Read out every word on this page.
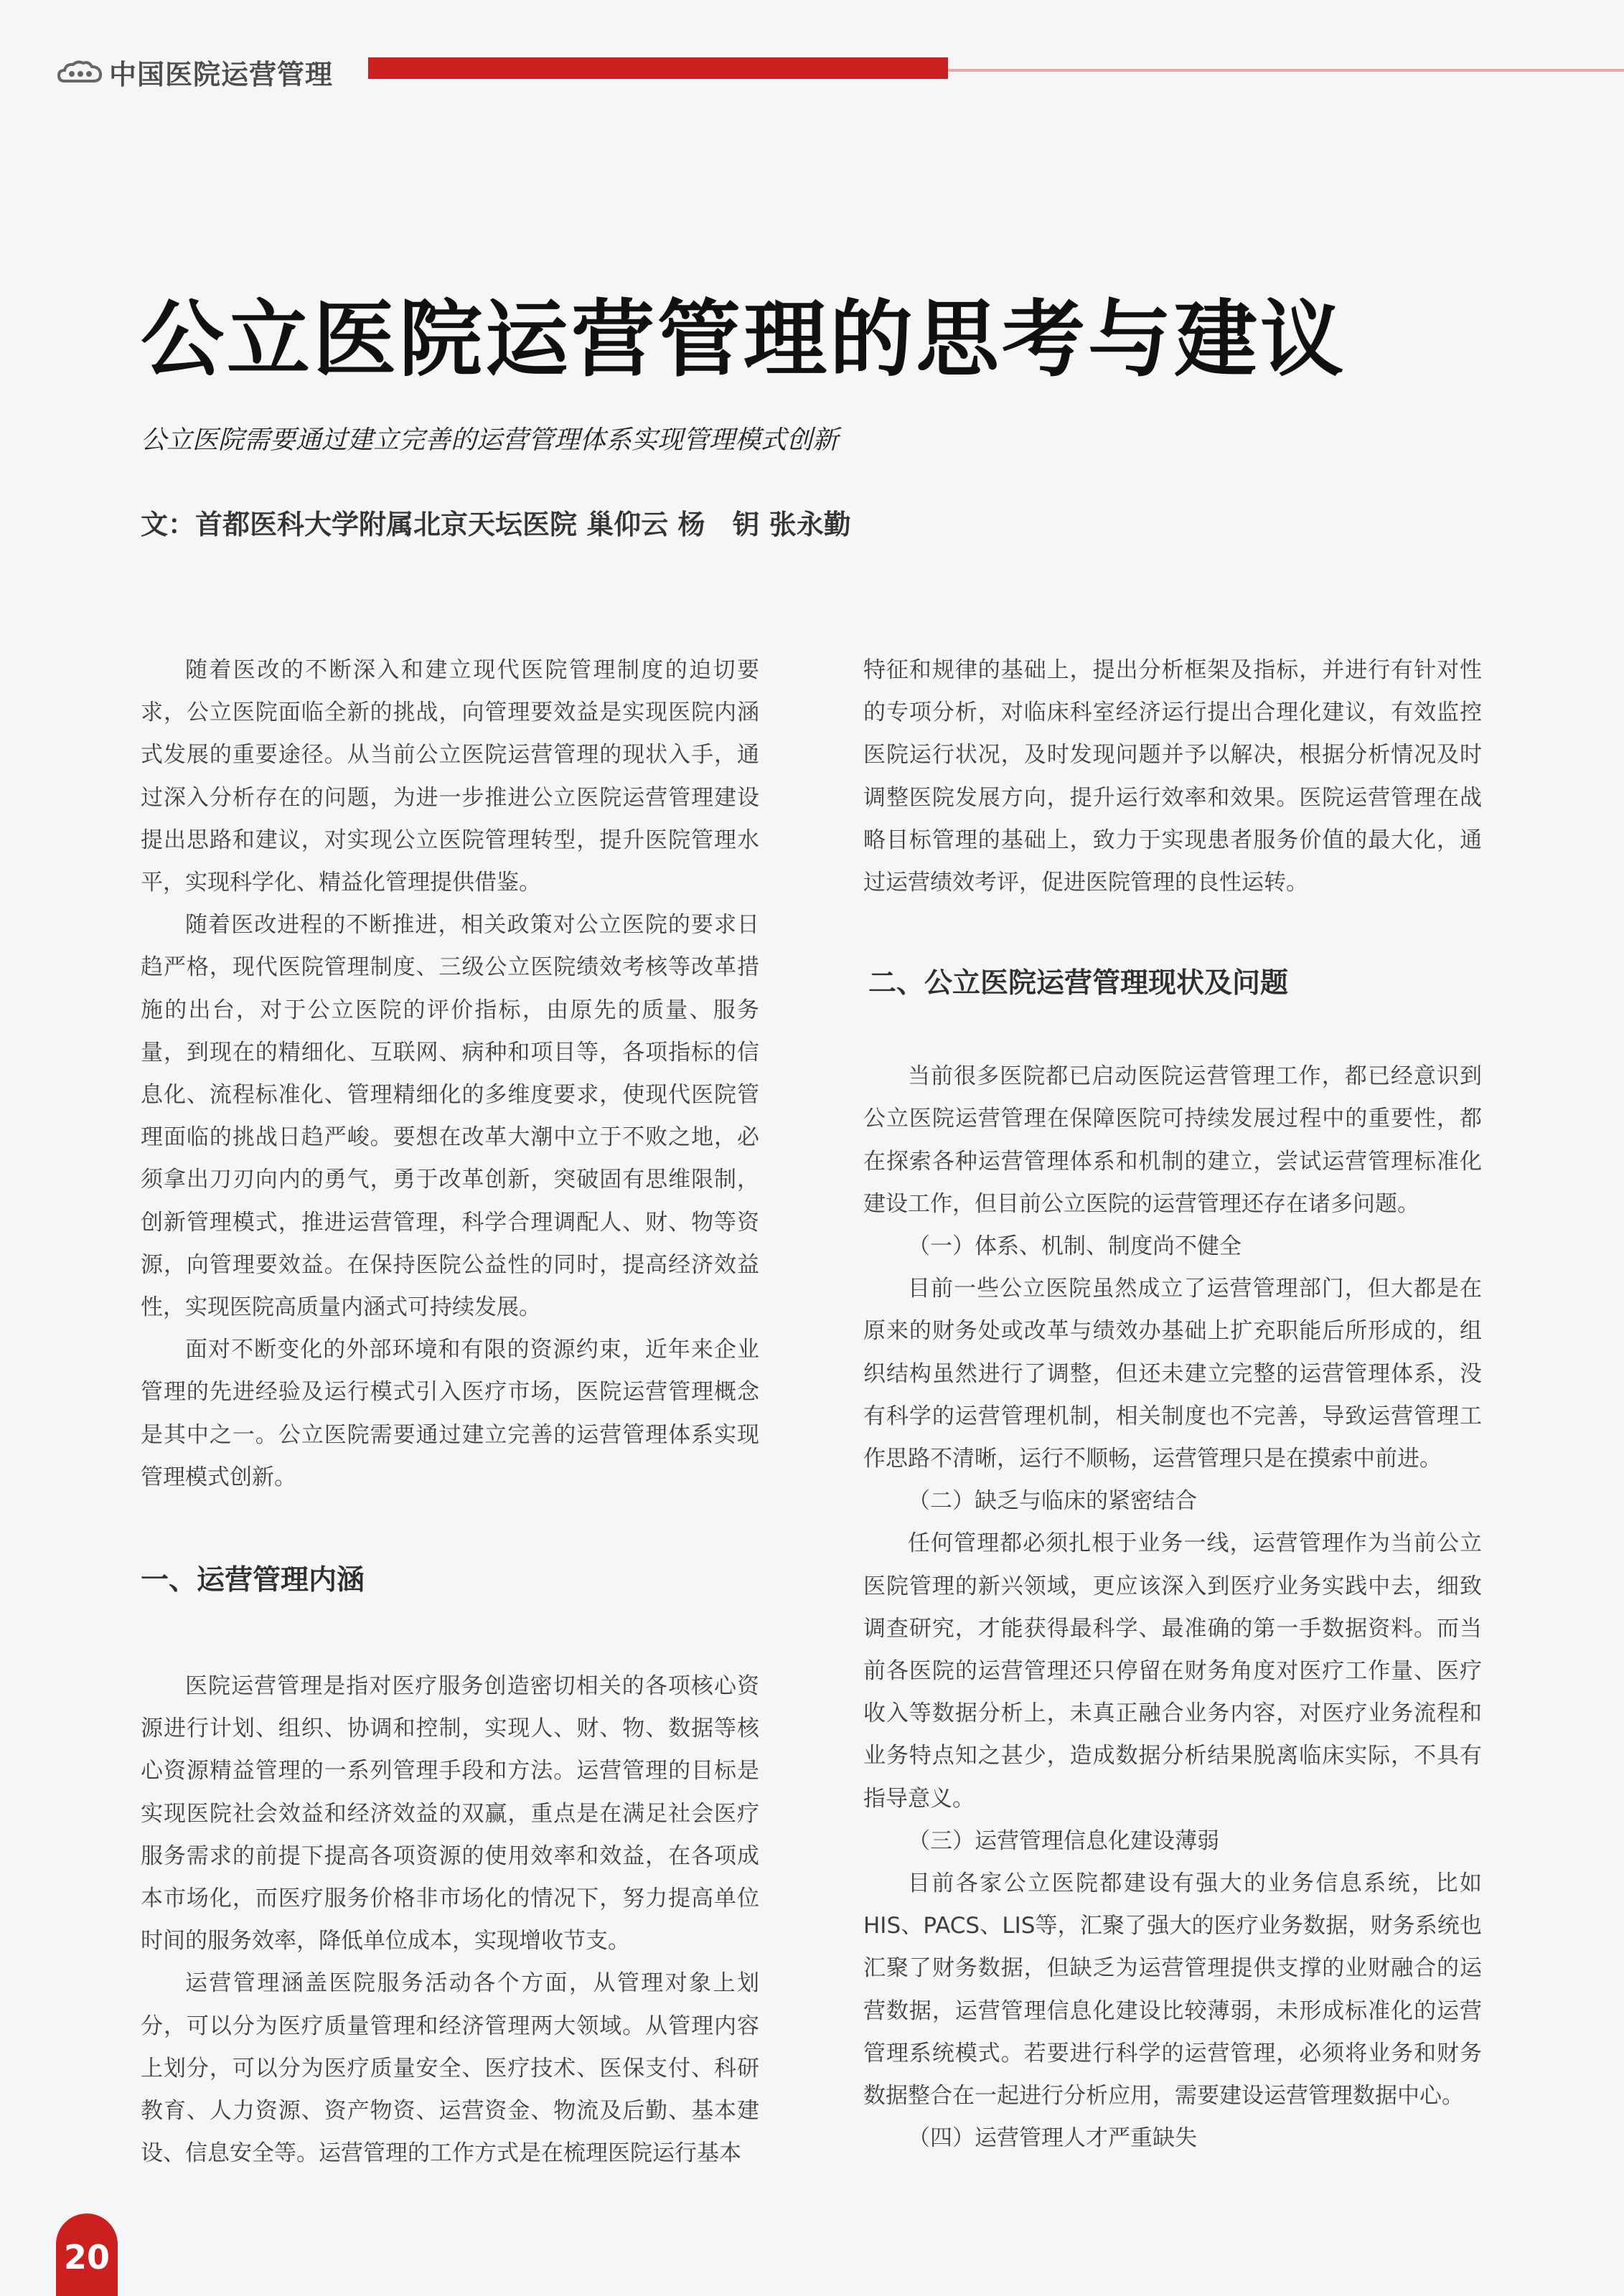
中国医院运营管理
公立医院运营管理的思考与建议
公立医院需要通过建立完善的运营管理体系实现管理模式创新
文：首都医科大学附属北京天坛医院 巢仰云 杨　钥 张永勤

随着医改的不断深入和建立现代医院管理制度的迫切要求，公立医院面临全新的挑战，向管理要效益是实现医院内涵式发展的重要途径。从当前公立医院运营管理的现状入手，通过深入分析存在的问题，为进一步推进公立医院运营管理建设提出思路和建议，对实现公立医院管理转型，提升医院管理水平，实现科学化、精益化管理提供借鉴。

随着医改进程的不断推进，相关政策对公立医院的要求日趋严格，现代医院管理制度、三级公立医院绩效考核等改革措施的出台，对于公立医院的评价指标，由原先的质量、服务量，到现在的精细化、互联网、病种和项目等，各项指标的信息化、流程标准化、管理精细化的多维度要求，使现代医院管理面临的挑战日趋严峻。要想在改革大潮中立于不败之地，必须拿出刀刃向内的勇气，勇于改革创新，突破固有思维限制，创新管理模式，推进运营管理，科学合理调配人、财、物等资源，向管理要效益。在保持医院公益性的同时，提高经济效益性，实现医院高质量内涵式可持续发展。

面对不断变化的外部环境和有限的资源约束，近年来企业管理的先进经验及运行模式引入医疗市场，医院运营管理概念是其中之一。公立医院需要通过建立完善的运营管理体系实现管理模式创新。

一、运营管理内涵

医院运营管理是指对医疗服务创造密切相关的各项核心资源进行计划、组织、协调和控制，实现人、财、物、数据等核心资源精益管理的一系列管理手段和方法。运营管理的目标是实现医院社会效益和经济效益的双赢，重点是在满足社会医疗服务需求的前提下提高各项资源的使用效率和效益，在各项成本市场化，而医疗服务价格非市场化的情况下，努力提高单位时间的服务效率，降低单位成本，实现增收节支。

运营管理涵盖医院服务活动各个方面，从管理对象上划分，可以分为医疗质量管理和经济管理两大领域。从管理内容上划分，可以分为医疗质量安全、医疗技术、医保支付、科研教育、人力资源、资产物资、运营资金、物流及后勤、基本建设、信息安全等。运营管理的工作方式是在梳理医院运行基本

特征和规律的基础上，提出分析框架及指标，并进行有针对性的专项分析，对临床科室经济运行提出合理化建议，有效监控医院运行状况，及时发现问题并予以解决，根据分析情况及时调整医院发展方向，提升运行效率和效果。医院运营管理在战略目标管理的基础上，致力于实现患者服务价值的最大化，通过运营绩效考评，促进医院管理的良性运转。

二、公立医院运营管理现状及问题

当前很多医院都已启动医院运营管理工作，都已经意识到公立医院运营管理在保障医院可持续发展过程中的重要性，都在探索各种运营管理体系和机制的建立，尝试运营管理标准化建设工作，但目前公立医院的运营管理还存在诸多问题。

（一）体系、机制、制度尚不健全

目前一些公立医院虽然成立了运营管理部门，但大都是在原来的财务处或改革与绩效办基础上扩充职能后所形成的，组织结构虽然进行了调整，但还未建立完整的运营管理体系，没有科学的运营管理机制，相关制度也不完善，导致运营管理工作思路不清晰，运行不顺畅，运营管理只是在摸索中前进。

（二）缺乏与临床的紧密结合

任何管理都必须扎根于业务一线，运营管理作为当前公立医院管理的新兴领域，更应该深入到医疗业务实践中去，细致调查研究，才能获得最科学、最准确的第一手数据资料。而当前各医院的运营管理还只停留在财务角度对医疗工作量、医疗收入等数据分析上，未真正融合业务内容，对医疗业务流程和业务特点知之甚少，造成数据分析结果脱离临床实际，不具有指导意义。

（三）运营管理信息化建设薄弱

目前各家公立医院都建设有强大的业务信息系统，比如HIS、PACS、LIS等，汇聚了强大的医疗业务数据，财务系统也汇聚了财务数据，但缺乏为运营管理提供支撑的业财融合的运营数据，运营管理信息化建设比较薄弱，未形成标准化的运营管理系统模式。若要进行科学的运营管理，必须将业务和财务数据整合在一起进行分析应用，需要建设运营管理数据中心。

（四）运营管理人才严重缺失

20
